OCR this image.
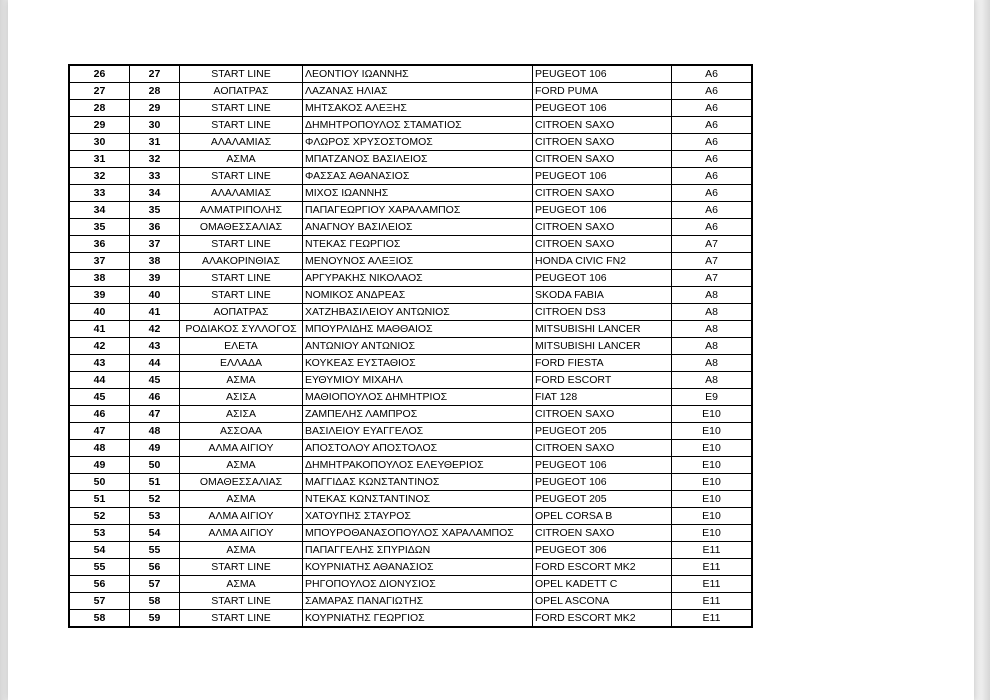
26	27	START LINE	ΛΕΟΝΤΙΟΥ ΙΩΑΝΝΗΣ	PEUGEOT 106	A6
27	28	ΑΟΠΑΤΡΑΣ	ΛΑΖΑΝΑΣ ΗΛΙΑΣ	FORD PUMA	A6
28	29	START LINE	ΜΗΤΣΑΚΟΣ ΑΛΕΞΗΣ	PEUGEOT 106	A6
29	30	START LINE	ΔΗΜΗΤΡΟΠΟΥΛΟΣ ΣΤΑΜΑΤΙΟΣ	CITROEN SAXO	A6
30	31	ΑΛΑΛΑΜΙΑΣ	ΦΛΩΡΟΣ ΧΡΥΣΟΣΤΟΜΟΣ	CITROEN SAXO	A6
31	32	ΑΣΜΑ	ΜΠΑΤΖΑΝΟΣ ΒΑΣΙΛΕΙΟΣ	CITROEN SAXO	A6
32	33	START LINE	ΦΑΣΣΑΣ ΑΘΑΝΑΣΙΟΣ	PEUGEOT 106	A6
33	34	ΑΛΑΛΑΜΙΑΣ	ΜΙΧΟΣ ΙΩΑΝΝΗΣ	CITROEN SAXO	A6
34	35	ΑΛΜΑΤΡΙΠΟΛΗΣ	ΠΑΠΑΓΕΩΡΓΙΟΥ ΧΑΡΑΛΑΜΠΟΣ	PEUGEOT 106	A6
35	36	ΟΜΑΘΕΣΣΑΛΙΑΣ	ΑΝΑΓΝΟΥ ΒΑΣΙΛΕΙΟΣ	CITROEN SAXO	A6
36	37	START LINE	ΝΤΕΚΑΣ ΓΕΩΡΓΙΟΣ	CITROEN SAXO	A7
37	38	ΑΛΑΚΟΡΙΝΘΙΑΣ	ΜΕΝΟΥΝΟΣ ΑΛΕΞΙΟΣ	HONDA CIVIC FN2	A7
38	39	START LINE	ΑΡΓΥΡΑΚΗΣ ΝΙΚΟΛΑΟΣ	PEUGEOT 106	A7
39	40	START LINE	ΝΟΜΙΚΟΣ ΑΝΔΡΕΑΣ	SKODA FABIA	A8
40	41	ΑΟΠΑΤΡΑΣ	ΧΑΤΖΗΒΑΣΙΛΕΙΟΥ ΑΝΤΩΝΙΟΣ	CITROEN DS3	A8
41	42	ΡΟΔΙΑΚΟΣ ΣΥΛΛΟΓΟΣ	ΜΠΟΥΡΛΙΔΗΣ ΜΑΘΘΑΙΟΣ	MITSUBISHI LANCER	A8
42	43	ΕΛΕΤΑ	ΑΝΤΩΝΙΟΥ ΑΝΤΩΝΙΟΣ	MITSUBISHI LANCER	A8
43	44	ΕΛΛΑΔΑ	ΚΟΥΚΕΑΣ ΕΥΣΤΑΘΙΟΣ	FORD FIESTA	A8
44	45	ΑΣΜΑ	ΕΥΘΥΜΙΟΥ ΜΙΧΑΗΛ	FORD ESCORT	A8
45	46	ΑΣΙΣΑ	ΜΑΘΙΟΠΟΥΛΟΣ ΔΗΜΗΤΡΙΟΣ	FIAT 128	E9
46	47	ΑΣΙΣΑ	ΖΑΜΠΕΛΗΣ ΛΑΜΠΡΟΣ	CITROEN SAXO	E10
47	48	ΑΣΣΟΑΑ	ΒΑΣΙΛΕΙΟΥ ΕΥΑΓΓΕΛΟΣ	PEUGEOT 205	E10
48	49	ΑΛΜΑ ΑΙΓΙΟΥ	ΑΠΟΣΤΟΛΟΥ ΑΠΟΣΤΟΛΟΣ	CITROEN SAXO	E10
49	50	ΑΣΜΑ	ΔΗΜΗΤΡΑΚΟΠΟΥΛΟΣ ΕΛΕΥΘΕΡΙΟΣ	PEUGEOT 106	E10
50	51	ΟΜΑΘΕΣΣΑΛΙΑΣ	ΜΑΓΓΙΔΑΣ ΚΩΝΣΤΑΝΤΙΝΟΣ	PEUGEOT 106	E10
51	52	ΑΣΜΑ	ΝΤΕΚΑΣ ΚΩΝΣΤΑΝΤΙΝΟΣ	PEUGEOT 205	E10
52	53	ΑΛΜΑ ΑΙΓΙΟΥ	ΧΑΤΟΥΠΗΣ ΣΤΑΥΡΟΣ	OPEL CORSA B	E10
53	54	ΑΛΜΑ ΑΙΓΙΟΥ	ΜΠΟΥΡΟΘΑΝΑΣΟΠΟΥΛΟΣ ΧΑΡΑΛΑΜΠΟΣ	CITROEN SAXO	E10
54	55	ΑΣΜΑ	ΠΑΠΑΓΓΕΛΗΣ ΣΠΥΡΙΔΩΝ	PEUGEOT 306	E11
55	56	START LINE	ΚΟΥΡΝΙΑΤΗΣ ΑΘΑΝΑΣΙΟΣ	FORD ESCORT MK2	E11
56	57	ΑΣΜΑ	ΡΗΓΟΠΟΥΛΟΣ ΔΙΟΝΥΣΙΟΣ	OPEL KADETT C	E11
57	58	START LINE	ΣΑΜΑΡΑΣ ΠΑΝΑΓΙΩΤΗΣ	OPEL ASCONA	E11
58	59	START LINE	ΚΟΥΡΝΙΑΤΗΣ ΓΕΩΡΓΙΟΣ	FORD ESCORT MK2	E11
